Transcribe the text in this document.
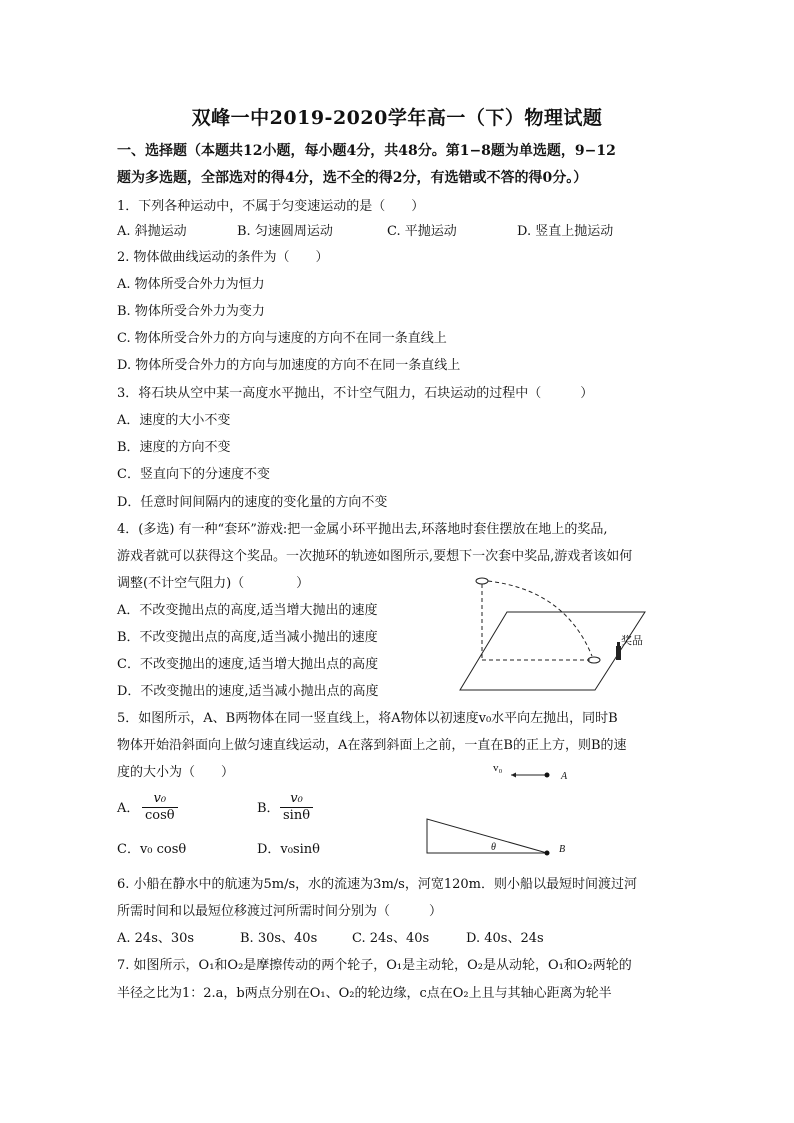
双峰一中2019-2020学年高一（下）物理试题
一、选择题（本题共12小题，每小题4分，共48分。第1−8题为单选题，9−12
题为多选题，全部选对的得4分，选不全的得2分，有选错或不答的得0分。）
1．下列各种运动中，不属于匀变速运动的是（　　）
A. 斜抛运动	B. 匀速圆周运动	C. 平抛运动	D. 竖直上抛运动
2. 物体做曲线运动的条件为（　　）
A. 物体所受合外力为恒力
B. 物体所受合外力为变力
C. 物体所受合外力的方向与速度的方向不在同一条直线上
D. 物体所受合外力的方向与加速度的方向不在同一条直线上
3．将石块从空中某一高度水平抛出，不计空气阻力，石块运动的过程中（　　　）
A．速度的大小不变
B．速度的方向不变
C．竖直向下的分速度不变
D．任意时间间隔内的速度的变化量的方向不变
4．(多选) 有一种“套环”游戏:把一金属小环平抛出去,环落地时套住摆放在地上的奖品,
游戏者就可以获得这个奖品。一次抛环的轨迹如图所示,要想下一次套中奖品,游戏者该如何
调整(不计空气阻力)（　　　　）
A．不改变抛出点的高度,适当增大抛出的速度
B．不改变抛出点的高度,适当减小抛出的速度
C．不改变抛出的速度,适当增大抛出点的高度
D．不改变抛出的速度,适当减小抛出点的高度
奖品
5．如图所示，A、B两物体在同一竖直线上，将A物体以初速度v₀水平向左抛出，同时B
物体开始沿斜面向上做匀速直线运动，A在落到斜面上之前，一直在B的正上方，则B的速
度的大小为（　　）
A． $\frac{\text{v₀}}{\cos\theta}$	B． $\frac{\text{v₀}}{\sin\theta}$
C．v₀ cosθ	D．v₀sinθ
v₀
A
B
θ
6. 小船在静水中的航速为5m/s，水的流速为3m/s，河宽120m．则小船以最短时间渡过河
所需时间和以最短位移渡过河所需时间分别为（　　　）
A. 24s、30s	B. 30s、40s	C. 24s、40s	D. 40s、24s
7. 如图所示，O₁和O₂是摩擦传动的两个轮子，O₁是主动轮，O₂是从动轮，O₁和O₂两轮的
半径之比为1：2.a，b两点分别在O₁、O₂的轮边缘，c点在O₂上且与其轴心距离为轮半
